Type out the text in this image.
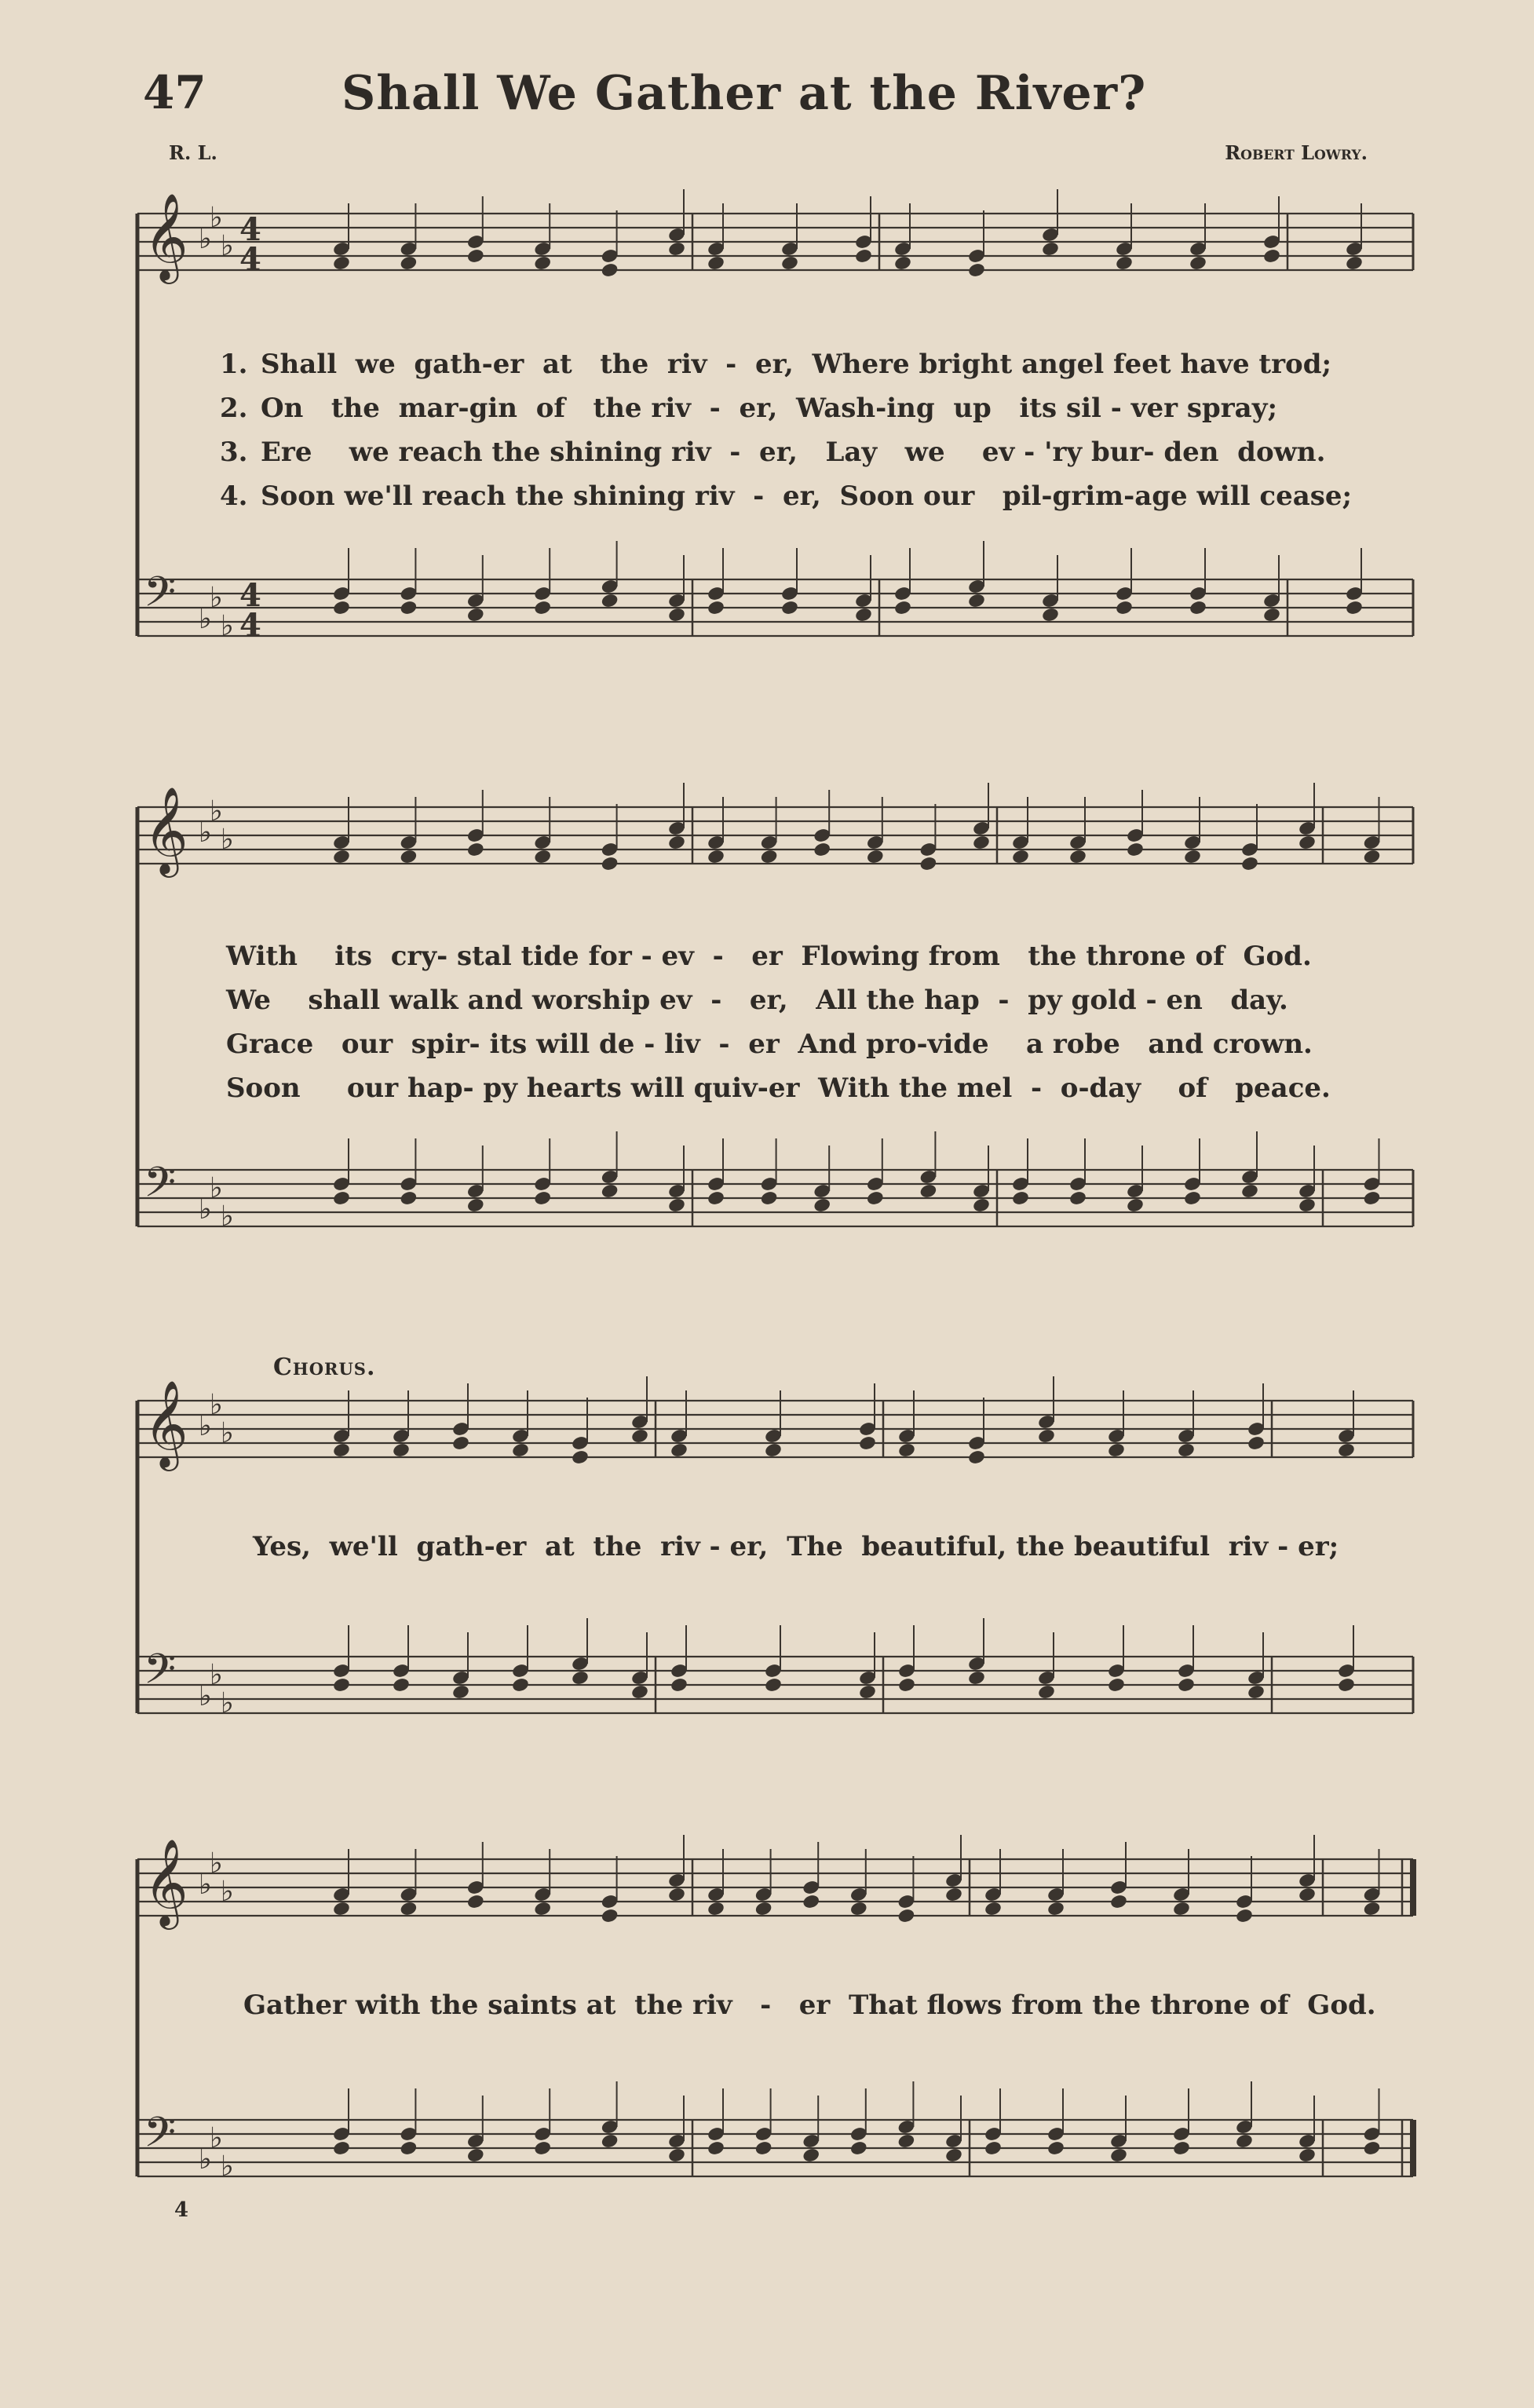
47	Shall We Gather at the River?
R. L.	Robert Lowry.
𝄞 ♭
♭
♭
𝄢 ♭
♭
♭
𝄞 ♭
♭
♭
𝄢 ♭
♭
♭
𝄞 ♭
♭
♭
𝄢 ♭
♭
♭
𝄞 ♭
♭
♭
𝄢 ♭
♭
♭
4
4
4
4
1. Shall  we  gath-er  at   the  riv  -  er,  Where bright angel feet have trod;
2. On   the  mar-gin  of   the riv  -  er,  Wash-ing  up   its sil - ver spray;
3. Ere    we reach the shining riv  -  er,   Lay   we    ev - 'ry bur- den  down.
4. Soon we'll reach the shining riv  -  er,  Soon our   pil-grim-age will cease;
With    its  cry- stal tide for - ev  -   er  Flowing from   the throne of  God.
We    shall walk and worship ev  -   er,   All the hap  -  py gold - en   day.
Grace   our  spir- its will de - liv  -  er  And pro-vide    a robe   and crown.
Soon     our hap- py hearts will quiv-er  With the mel  -  o-day    of   peace.
Chorus.
Yes,  we'll  gath-er  at  the  riv - er,  The  beautiful, the beautiful  riv - er;
Gather with the saints at  the riv   -   er  That flows from the throne of  God.
4
